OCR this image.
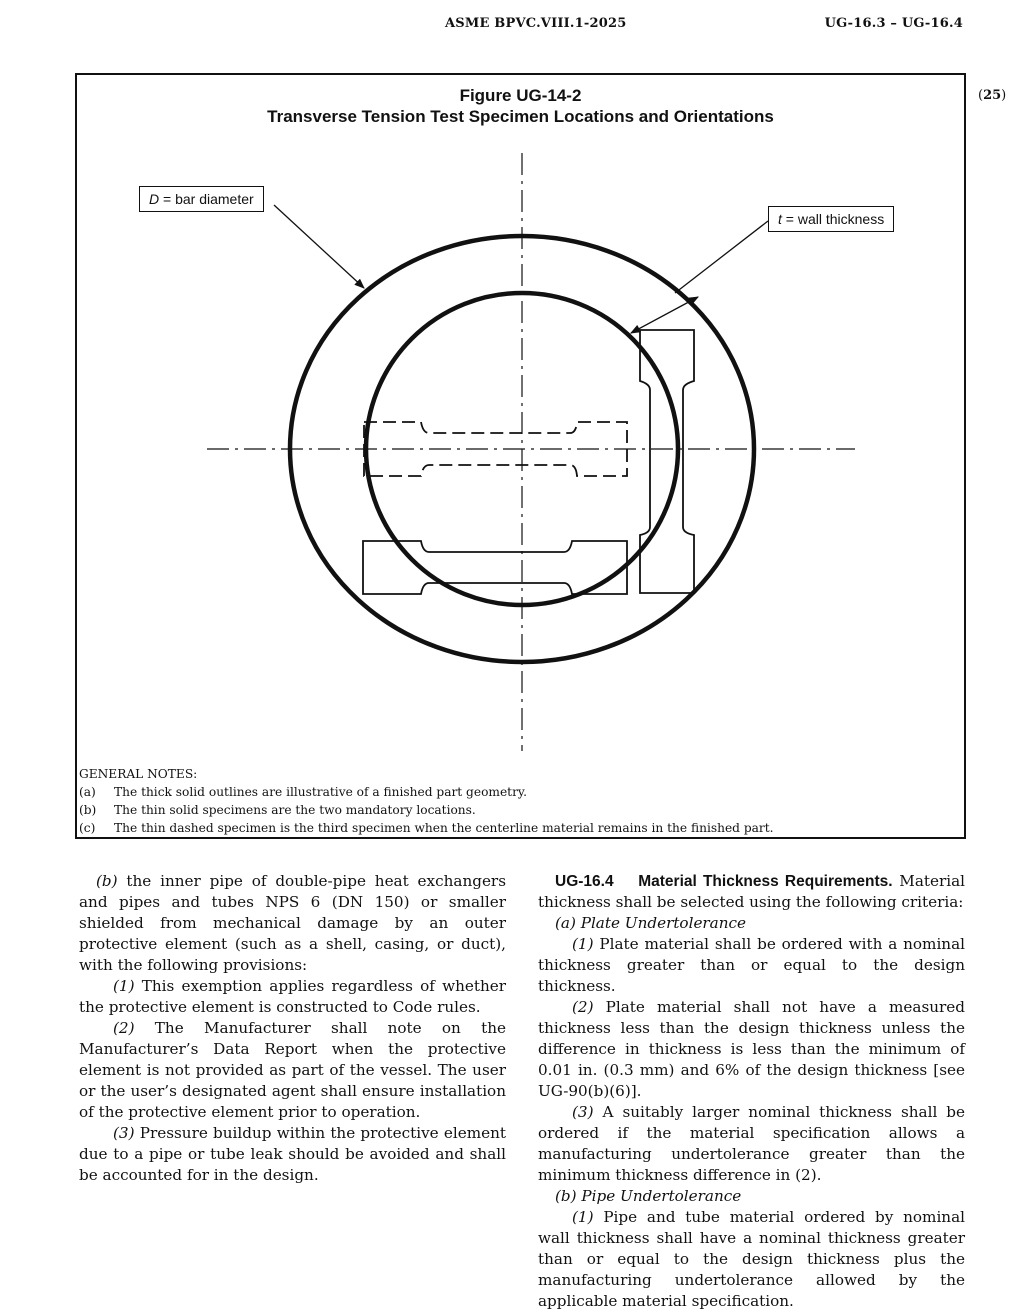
ASME BPVC.VIII.1-2025	UG-16.3 – UG-16.4
(25)
Figure UG-14-2
Transverse Tension Test Specimen Locations and Orientations
D = bar diameter
t = wall thickness
GENERAL NOTES:
(a)	The thick solid outlines are illustrative of a finished part geometry.
(b)	The thin solid specimens are the two mandatory locations.
(c)	The thin dashed specimen is the third specimen when the centerline material remains in the finished part.

(b) the inner pipe of double-pipe heat exchangers and pipes and tubes NPS 6 (DN 150) or smaller shielded from mechanical damage by an outer protective element (such as a shell, casing, or duct), with the following provisions:

(1) This exemption applies regardless of whether the protective element is constructed to Code rules.

(2) The Manufacturer shall note on the Manufacturer’s Data Report when the protective element is not provided as part of the vessel. The user or the user’s designated agent shall ensure installation of the protective element prior to operation.

(3) Pressure buildup within the protective element due to a pipe or tube leak should be avoided and shall be accounted for in the design.

UG-16.4 Material Thickness Requirements. Material thickness shall be selected using the following criteria:

(a) Plate Undertolerance

(1) Plate material shall be ordered with a nominal thickness greater than or equal to the design thickness.

(2) Plate material shall not have a measured thickness less than the design thickness unless the difference in thickness is less than the minimum of 0.01 in. (0.3 mm) and 6% of the design thickness [see UG-90(b)(6)].

(3) A suitably larger nominal thickness shall be ordered if the material specification allows a manufacturing undertolerance greater than the minimum thickness difference in (2).

(b) Pipe Undertolerance

(1) Pipe and tube material ordered by nominal wall thickness shall have a nominal thickness greater than or equal to the design thickness plus the manufacturing undertolerance allowed by the applicable material specification.
